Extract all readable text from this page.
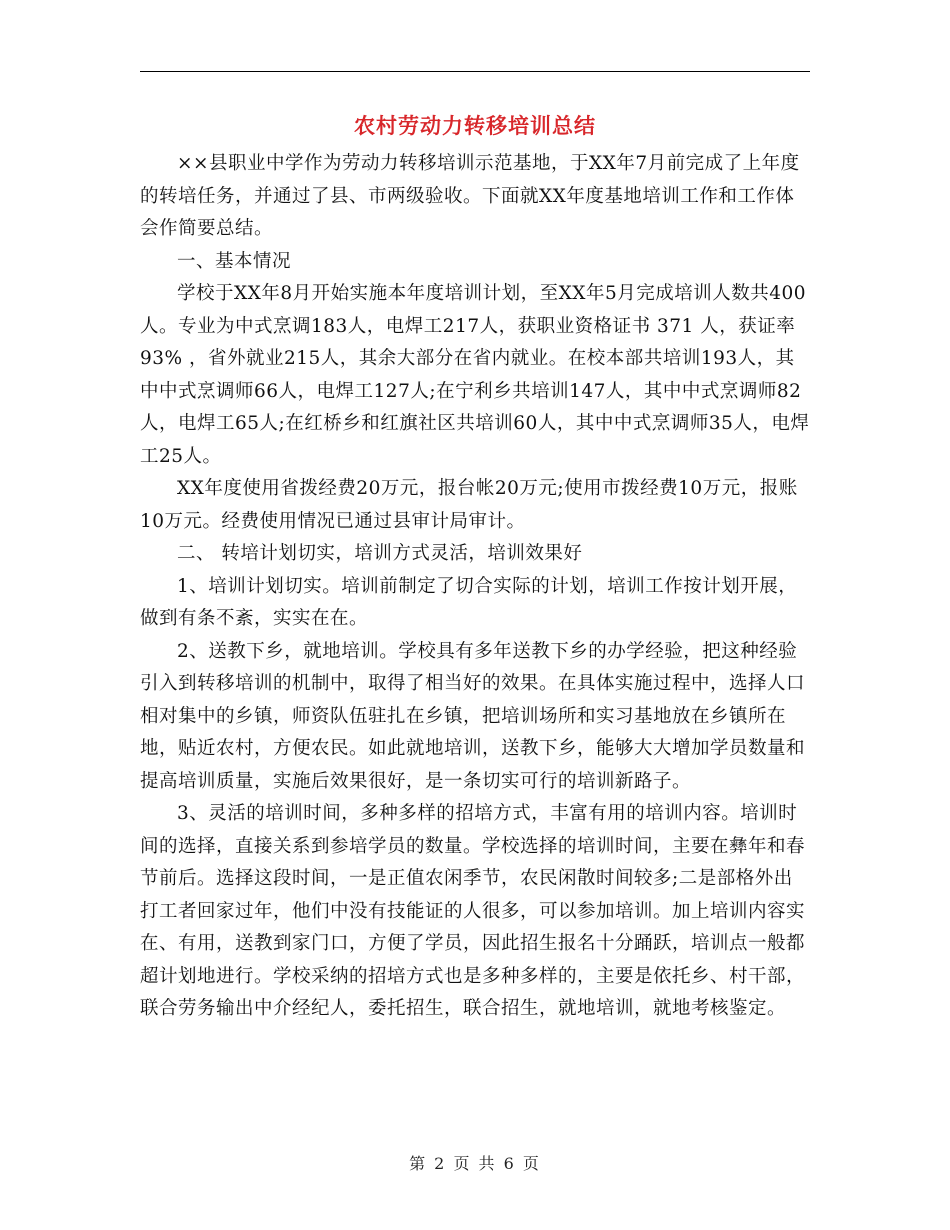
农村劳动力转移培训总结

××县职业中学作为劳动力转移培训示范基地，于XX年7月前完成了上年度的转培任务，并通过了县、市两级验收。下面就XX年度基地培训工作和工作体会作简要总结。

一、基本情况

学校于XX年8月开始实施本年度培训计划，至XX年5月完成培训人数共400人。专业为中式烹调183人，电焊工217人，获职业资格证书 371 人，获证率93% ，省外就业215人，其余大部分在省内就业。在校本部共培训193人，其中中式烹调师66人，电焊工127人;在宁利乡共培训147人，其中中式烹调师82人，电焊工65人;在红桥乡和红旗社区共培训60人，其中中式烹调师35人，电焊工25人。

XX年度使用省拨经费20万元，报台帐20万元;使用市拨经费10万元，报账10万元。经费使用情况已通过县审计局审计。

二、 转培计划切实，培训方式灵活，培训效果好

1、培训计划切实。培训前制定了切合实际的计划，培训工作按计划开展，做到有条不紊，实实在在。

2、送教下乡，就地培训。学校具有多年送教下乡的办学经验，把这种经验引入到转移培训的机制中，取得了相当好的效果。在具体实施过程中，选择人口相对集中的乡镇，师资队伍驻扎在乡镇，把培训场所和实习基地放在乡镇所在地，贴近农村，方便农民。如此就地培训，送教下乡，能够大大增加学员数量和提高培训质量，实施后效果很好，是一条切实可行的培训新路子。

3、灵活的培训时间，多种多样的招培方式，丰富有用的培训内容。培训时间的选择，直接关系到参培学员的数量。学校选择的培训时间，主要在彝年和春节前后。选择这段时间，一是正值农闲季节，农民闲散时间较多;二是部格外出打工者回家过年，他们中没有技能证的人很多，可以参加培训。加上培训内容实在、有用，送教到家门口，方便了学员，因此招生报名十分踊跃，培训点一般都超计划地进行。学校采纳的招培方式也是多种多样的，主要是依托乡、村干部，联合劳务输出中介经纪人，委托招生，联合招生，就地培训，就地考核鉴定。

第 2 页 共 6 页
